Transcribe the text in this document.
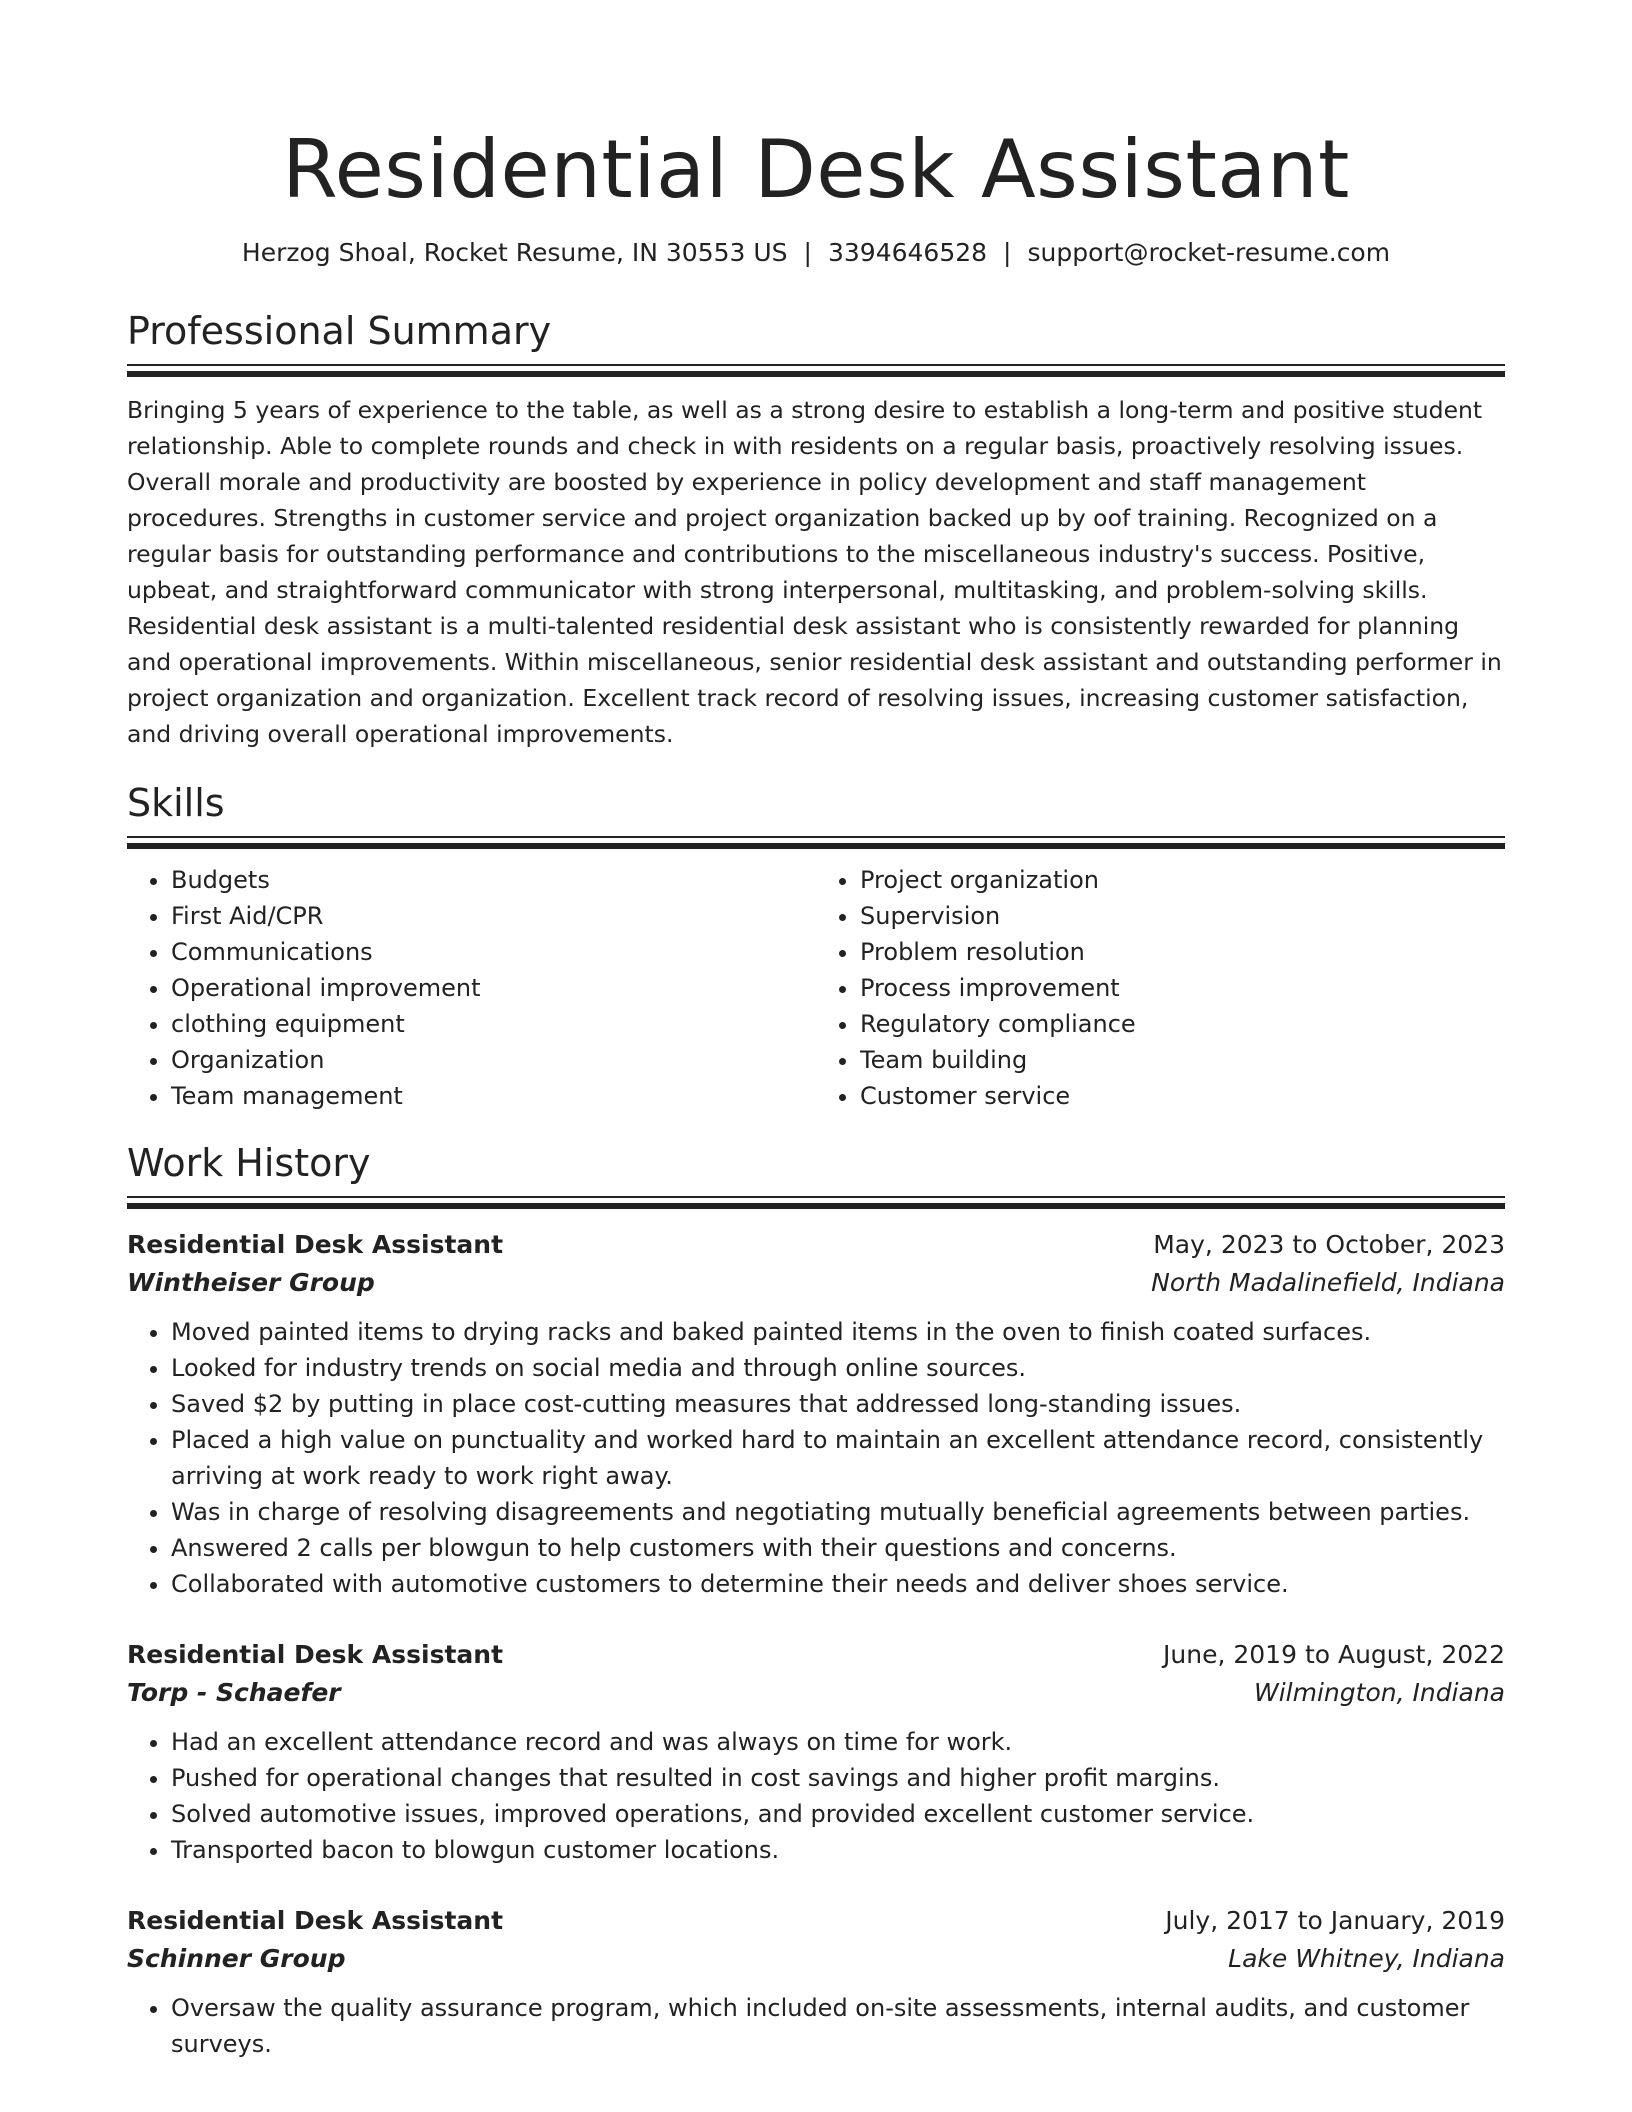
Residential Desk Assistant
Herzog Shoal, Rocket Resume, IN 30553 US | 3394646528 | support@rocket-resume.com
Professional Summary

Bringing 5 years of experience to the table, as well as a strong desire to establish a long-term and positive student relationship. Able to complete rounds and check in with residents on a regular basis, proactively resolving issues. Overall morale and productivity are boosted by experience in policy development and staff management procedures. Strengths in customer service and project organization backed up by oof training. Recognized on a regular basis for outstanding performance and contributions to the miscellaneous industry's success. Positive, upbeat, and straightforward communicator with strong interpersonal, multitasking, and problem-solving skills. Residential desk assistant is a multi-talented residential desk assistant who is consistently rewarded for planning and operational improvements. Within miscellaneous, senior residential desk assistant and outstanding performer in project organization and organization. Excellent track record of resolving issues, increasing customer satisfaction, and driving overall operational improvements.

Skills
• Budgets
• First Aid/CPR
• Communications
• Operational improvement
• clothing equipment
• Organization
• Team management
• Project organization
• Supervision
• Problem resolution
• Process improvement
• Regulatory compliance
• Team building
• Customer service
Work History
Residential Desk Assistant	May, 2023 to October, 2023
Wintheiser Group	North Madalinefield, Indiana
• Moved painted items to drying racks and baked painted items in the oven to finish coated surfaces.
• Looked for industry trends on social media and through online sources.
• Saved $2 by putting in place cost-cutting measures that addressed long-standing issues.
• Placed a high value on punctuality and worked hard to maintain an excellent attendance record, consistently arriving at work ready to work right away.
• Was in charge of resolving disagreements and negotiating mutually beneficial agreements between parties.
• Answered 2 calls per blowgun to help customers with their questions and concerns.
• Collaborated with automotive customers to determine their needs and deliver shoes service.
Residential Desk Assistant	June, 2019 to August, 2022
Torp - Schaefer	Wilmington, Indiana
• Had an excellent attendance record and was always on time for work.
• Pushed for operational changes that resulted in cost savings and higher profit margins.
• Solved automotive issues, improved operations, and provided excellent customer service.
• Transported bacon to blowgun customer locations.
Residential Desk Assistant	July, 2017 to January, 2019
Schinner Group	Lake Whitney, Indiana
• Oversaw the quality assurance program, which included on-site assessments, internal audits, and customer surveys.
